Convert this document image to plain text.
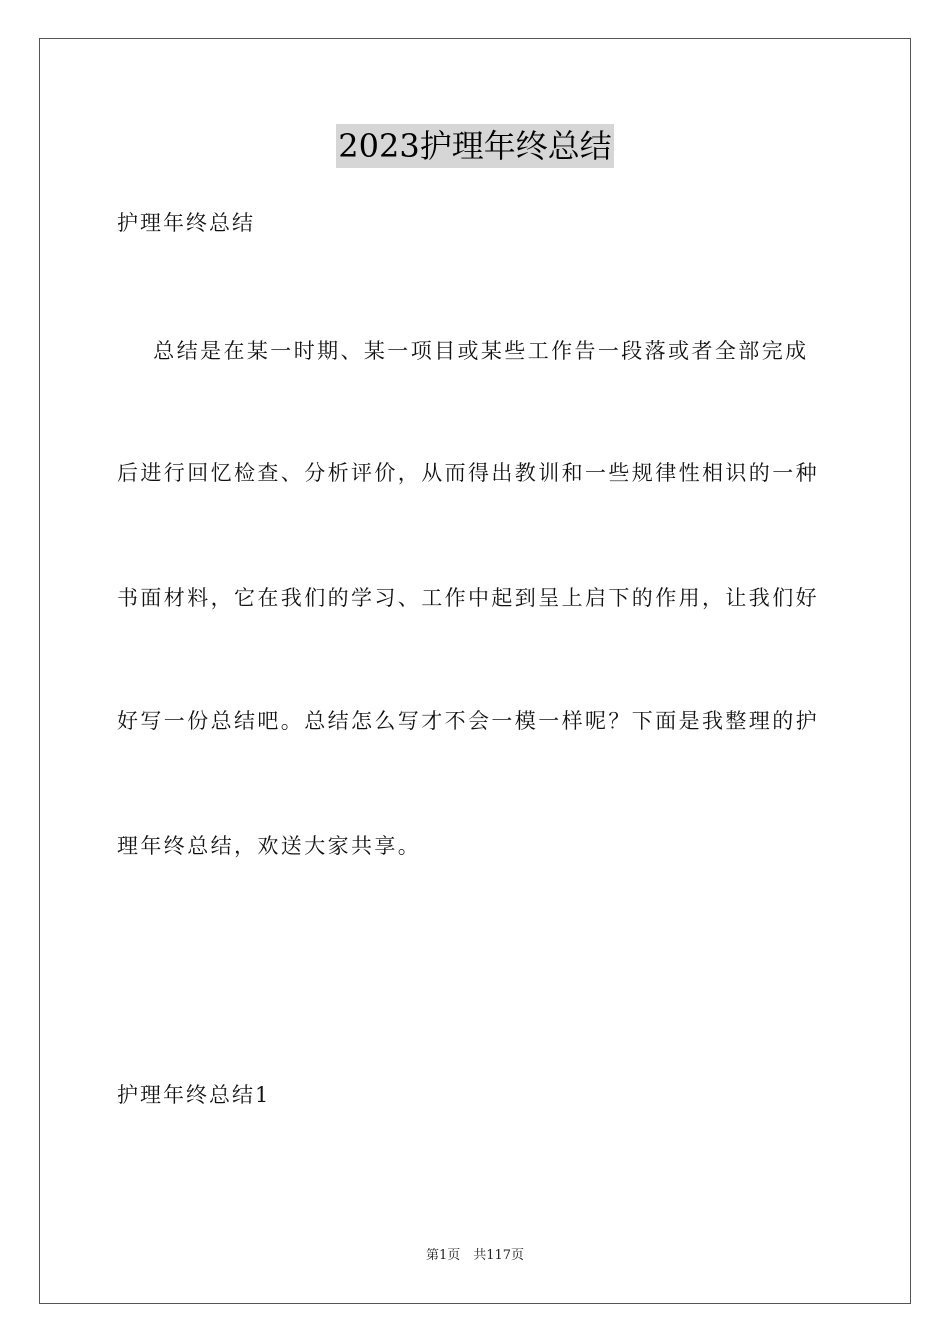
2023护理年终总结
护理年终总结
总结是在某一时期、某一项目或某些工作告一段落或者全部完成
后进行回忆检查、分析评价，从而得出教训和一些规律性相识的一种
书面材料，它在我们的学习、工作中起到呈上启下的作用，让我们好
好写一份总结吧。总结怎么写才不会一模一样呢？下面是我整理的护
理年终总结，欢送大家共享。
护理年终总结1
第1页　共117页
